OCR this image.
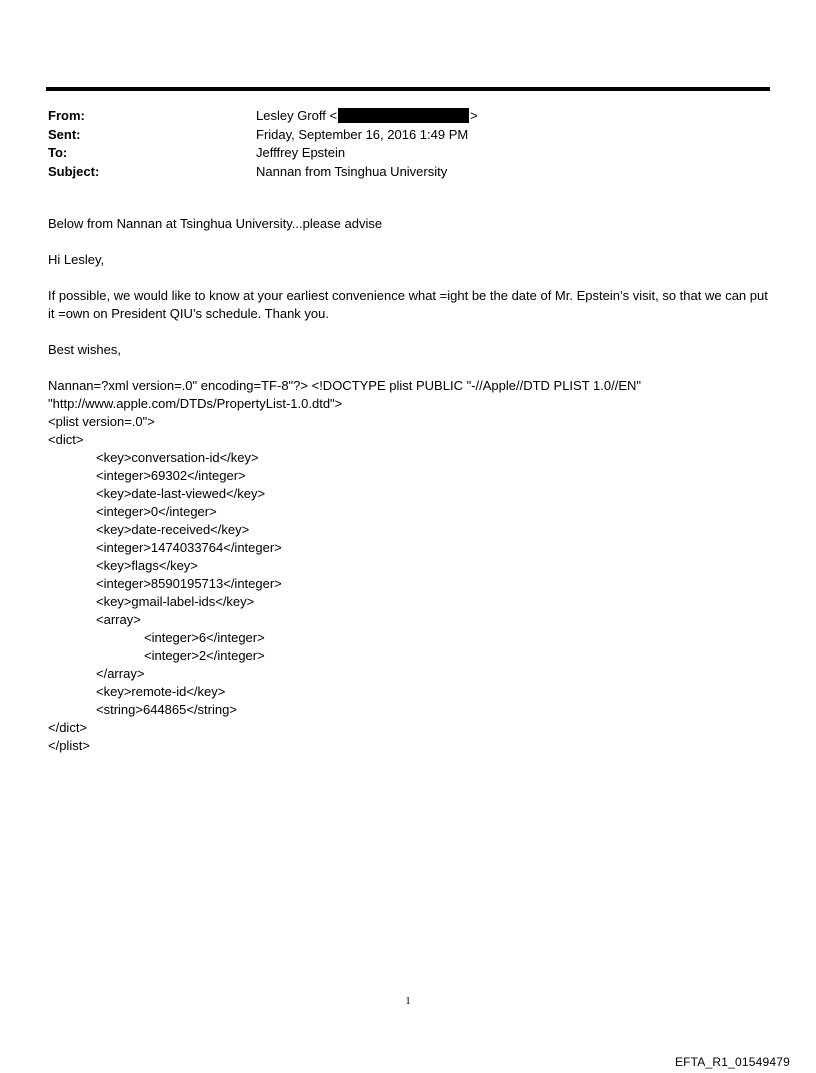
From:	Lesley Groff <	>
Sent:	Friday, September 16, 2016 1:49 PM
To:	Jefffrey Epstein
Subject:	Nannan from Tsinghua University

Below from Nannan at Tsinghua University...please advise

Hi Lesley,

If possible, we would like to know at your earliest convenience what =ight be the date of Mr. Epstein’s visit, so that we can put it =own on President QIU’s schedule. Thank you.

Best wishes,

Nannan=?xml version=.0" encoding=TF-8"?> <!DOCTYPE plist PUBLIC "-//Apple//DTD PLIST 1.0//EN"
"http://www.apple.com/DTDs/PropertyList-1.0.dtd">
<plist version=.0">
<dict>
<key>conversation-id</key>
<integer>69302</integer>
<key>date-last-viewed</key>
<integer>0</integer>
<key>date-received</key>
<integer>1474033764</integer>
<key>flags</key>
<integer>8590195713</integer>
<key>gmail-label-ids</key>
<array>
<integer>6</integer>
<integer>2</integer>
</array>
<key>remote-id</key>
<string>644865</string>
</dict>
</plist>
1
EFTA_R1_01549479
